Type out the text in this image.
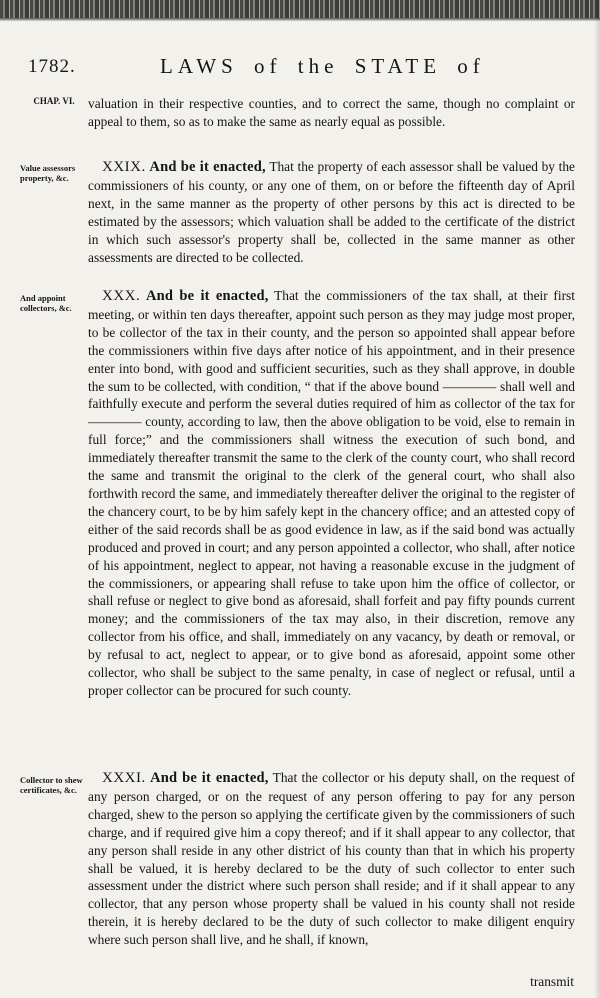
1782.	LAWS of the STATE of
CHAP. VI. valuation in their respective counties, and to correct the same, though no complaint or appeal to them, so as to make the same as nearly equal as possible.
Value assessors property, &c.
XXIX. And be it enacted, That the property of each assessor shall be valued by the commissioners of his county, or any one of them, on or before the fifteenth day of April next, in the same manner as the property of other persons by this act is directed to be estimated by the assessors; which valuation shall be added to the certificate of the district in which such assessor's property shall be, collected in the same manner as other assessments are directed to be collected.
And appoint collectors, &c.
XXX. And be it enacted, That the commissioners of the tax shall, at their first meeting, or within ten days thereafter, appoint such person as they may judge most proper, to be collector of the tax in their county, and the person so appointed shall appear before the commissioners within five days after notice of his appointment, and in their presence enter into bond, with good and sufficient securities, such as they shall approve, in double the sum to be collected, with condition, “ that if the above bound ———— shall well and faithfully execute and perform the several duties required of him as collector of the tax for ———— county, according to law, then the above obligation to be void, else to remain in full force;” and the commissioners shall witness the execution of such bond, and immediately thereafter transmit the same to the clerk of the county court, who shall record the same and transmit the original to the clerk of the general court, who shall also forthwith record the same, and immediately thereafter deliver the original to the register of the chancery court, to be by him safely kept in the chancery office; and an attested copy of either of the said records shall be as good evidence in law, as if the said bond was actually produced and proved in court; and any person appointed a collector, who shall, after notice of his appointment, neglect to appear, not having a reasonable excuse in the judgment of the commissioners, or appearing shall refuse to take upon him the office of collector, or shall refuse or neglect to give bond as aforesaid, shall forfeit and pay fifty pounds current money; and the commissioners of the tax may also, in their discretion, remove any collector from his office, and shall, immediately on any vacancy, by death or removal, or by refusal to act, neglect to appear, or to give bond as aforesaid, appoint some other collector, who shall be subject to the same penalty, in case of neglect or refusal, until a proper collector can be procured for such county.
Collector to shew certificates, &c.
XXXI. And be it enacted, That the collector or his deputy shall, on the request of any person charged, or on the request of any person offering to pay for any person charged, shew to the person so applying the certificate given by the commissioners of such charge, and if required give him a copy thereof; and if it shall appear to any collector, that any person shall reside in any other district of his county than that in which his property shall be valued, it is hereby declared to be the duty of such collector to enter such assessment under the district where such person shall reside; and if it shall appear to any collector, that any person whose property shall be valued in his county shall not reside therein, it is hereby declared to be the duty of such collector to make diligent enquiry where such person shall live, and he shall, if known,
transmit
